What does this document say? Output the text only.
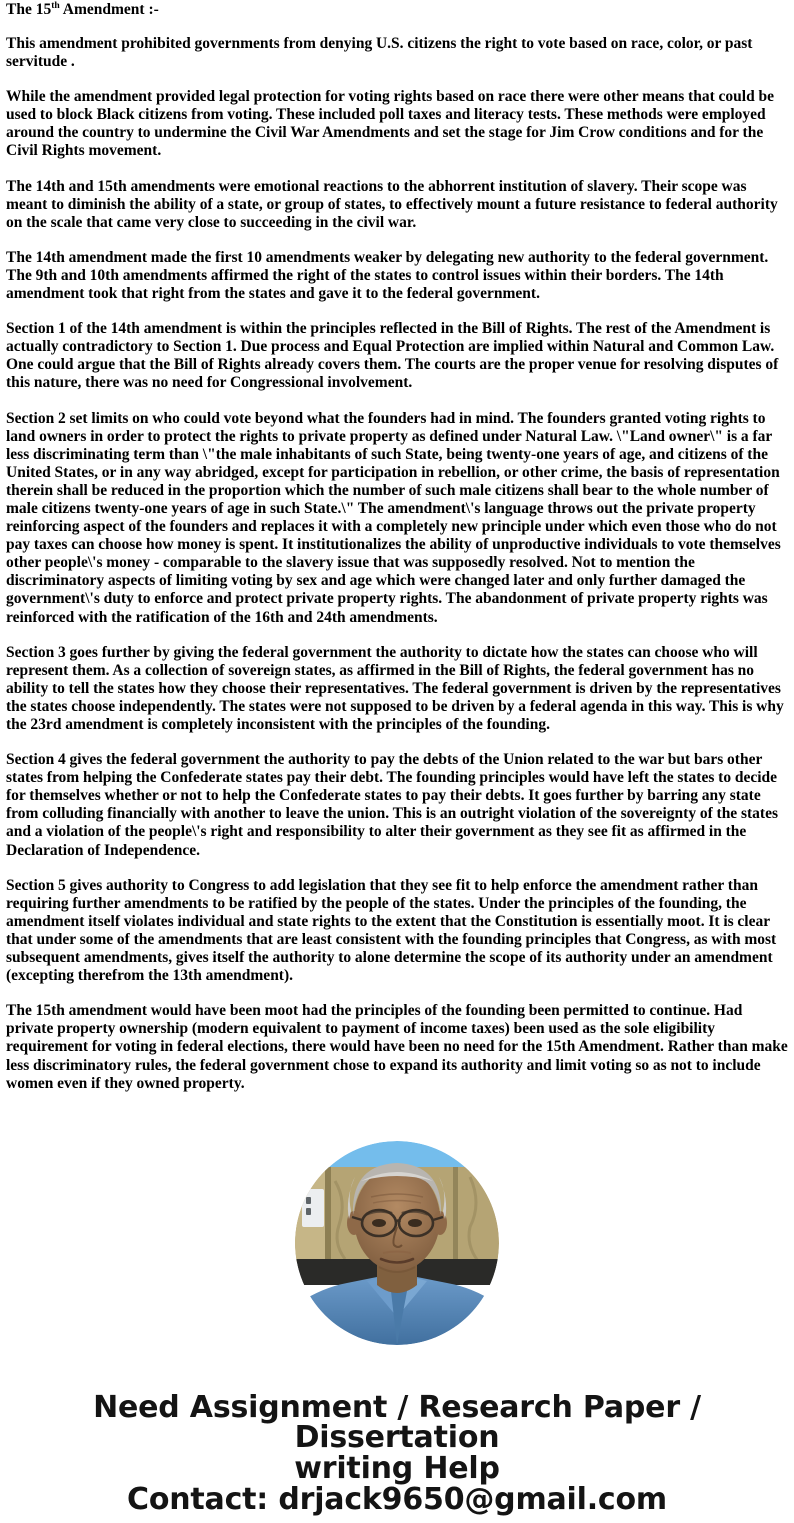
The 15th Amendment :-

This amendment prohibited governments from denying U.S. citizens the right to vote based on race, color, or past servitude .

While the amendment provided legal protection for voting rights based on race there were other means that could be used to block Black citizens from voting. These included poll taxes and literacy tests. These methods were employed around the country to undermine the Civil War Amendments and set the stage for Jim Crow conditions and for the Civil Rights movement.

The 14th and 15th amendments were emotional reactions to the abhorrent institution of slavery. Their scope was meant to diminish the ability of a state, or group of states, to effectively mount a future resistance to federal authority on the scale that came very close to succeeding in the civil war.

The 14th amendment made the first 10 amendments weaker by delegating new authority to the federal government. The 9th and 10th amendments affirmed the right of the states to control issues within their borders. The 14th amendment took that right from the states and gave it to the federal government.

Section 1 of the 14th amendment is within the principles reflected in the Bill of Rights. The rest of the Amendment is actually contradictory to Section 1. Due process and Equal Protection are implied within Natural and Common Law. One could argue that the Bill of Rights already covers them. The courts are the proper venue for resolving disputes of this nature, there was no need for Congressional involvement.

Section 2 set limits on who could vote beyond what the founders had in mind. The founders granted voting rights to land owners in order to protect the rights to private property as defined under Natural Law. \"Land owner\" is a far less discriminating term than \"the male inhabitants of such State, being twenty-one years of age, and citizens of the United States, or in any way abridged, except for participation in rebellion, or other crime, the basis of representation therein shall be reduced in the proportion which the number of such male citizens shall bear to the whole number of male citizens twenty-one years of age in such State.\" The amendment\'s language throws out the private property reinforcing aspect of the founders and replaces it with a completely new principle under which even those who do not pay taxes can choose how money is spent. It institutionalizes the ability of unproductive individuals to vote themselves other people\'s money - comparable to the slavery issue that was supposedly resolved. Not to mention the discriminatory aspects of limiting voting by sex and age which were changed later and only further damaged the government\'s duty to enforce and protect private property rights. The abandonment of private property rights was reinforced with the ratification of the 16th and 24th amendments.

Section 3 goes further by giving the federal government the authority to dictate how the states can choose who will represent them. As a collection of sovereign states, as affirmed in the Bill of Rights, the federal government has no ability to tell the states how they choose their representatives. The federal government is driven by the representatives the states choose independently. The states were not supposed to be driven by a federal agenda in this way. This is why the 23rd amendment is completely inconsistent with the principles of the founding.

Section 4 gives the federal government the authority to pay the debts of the Union related to the war but bars other states from helping the Confederate states pay their debt. The founding principles would have left the states to decide for themselves whether or not to help the Confederate states to pay their debts. It goes further by barring any state from colluding financially with another to leave the union. This is an outright violation of the sovereignty of the states and a violation of the people\'s right and responsibility to alter their government as they see fit as affirmed in the Declaration of Independence.

Section 5 gives authority to Congress to add legislation that they see fit to help enforce the amendment rather than requiring further amendments to be ratified by the people of the states. Under the principles of the founding, the amendment itself violates individual and state rights to the extent that the Constitution is essentially moot. It is clear that under some of the amendments that are least consistent with the founding principles that Congress, as with most subsequent amendments, gives itself the authority to alone determine the scope of its authority under an amendment (excepting therefrom the 13th amendment).

The 15th amendment would have been moot had the principles of the founding been permitted to continue. Had private property ownership (modern equivalent to payment of income taxes) been used as the sole eligibility requirement for voting in federal elections, there would have been no need for the 15th Amendment. Rather than make less discriminatory rules, the federal government chose to expand its authority and limit voting so as not to include women even if they owned property.

Need Assignment / Research Paper / Dissertation
writing Help
Contact: drjack9650@gmail.com
